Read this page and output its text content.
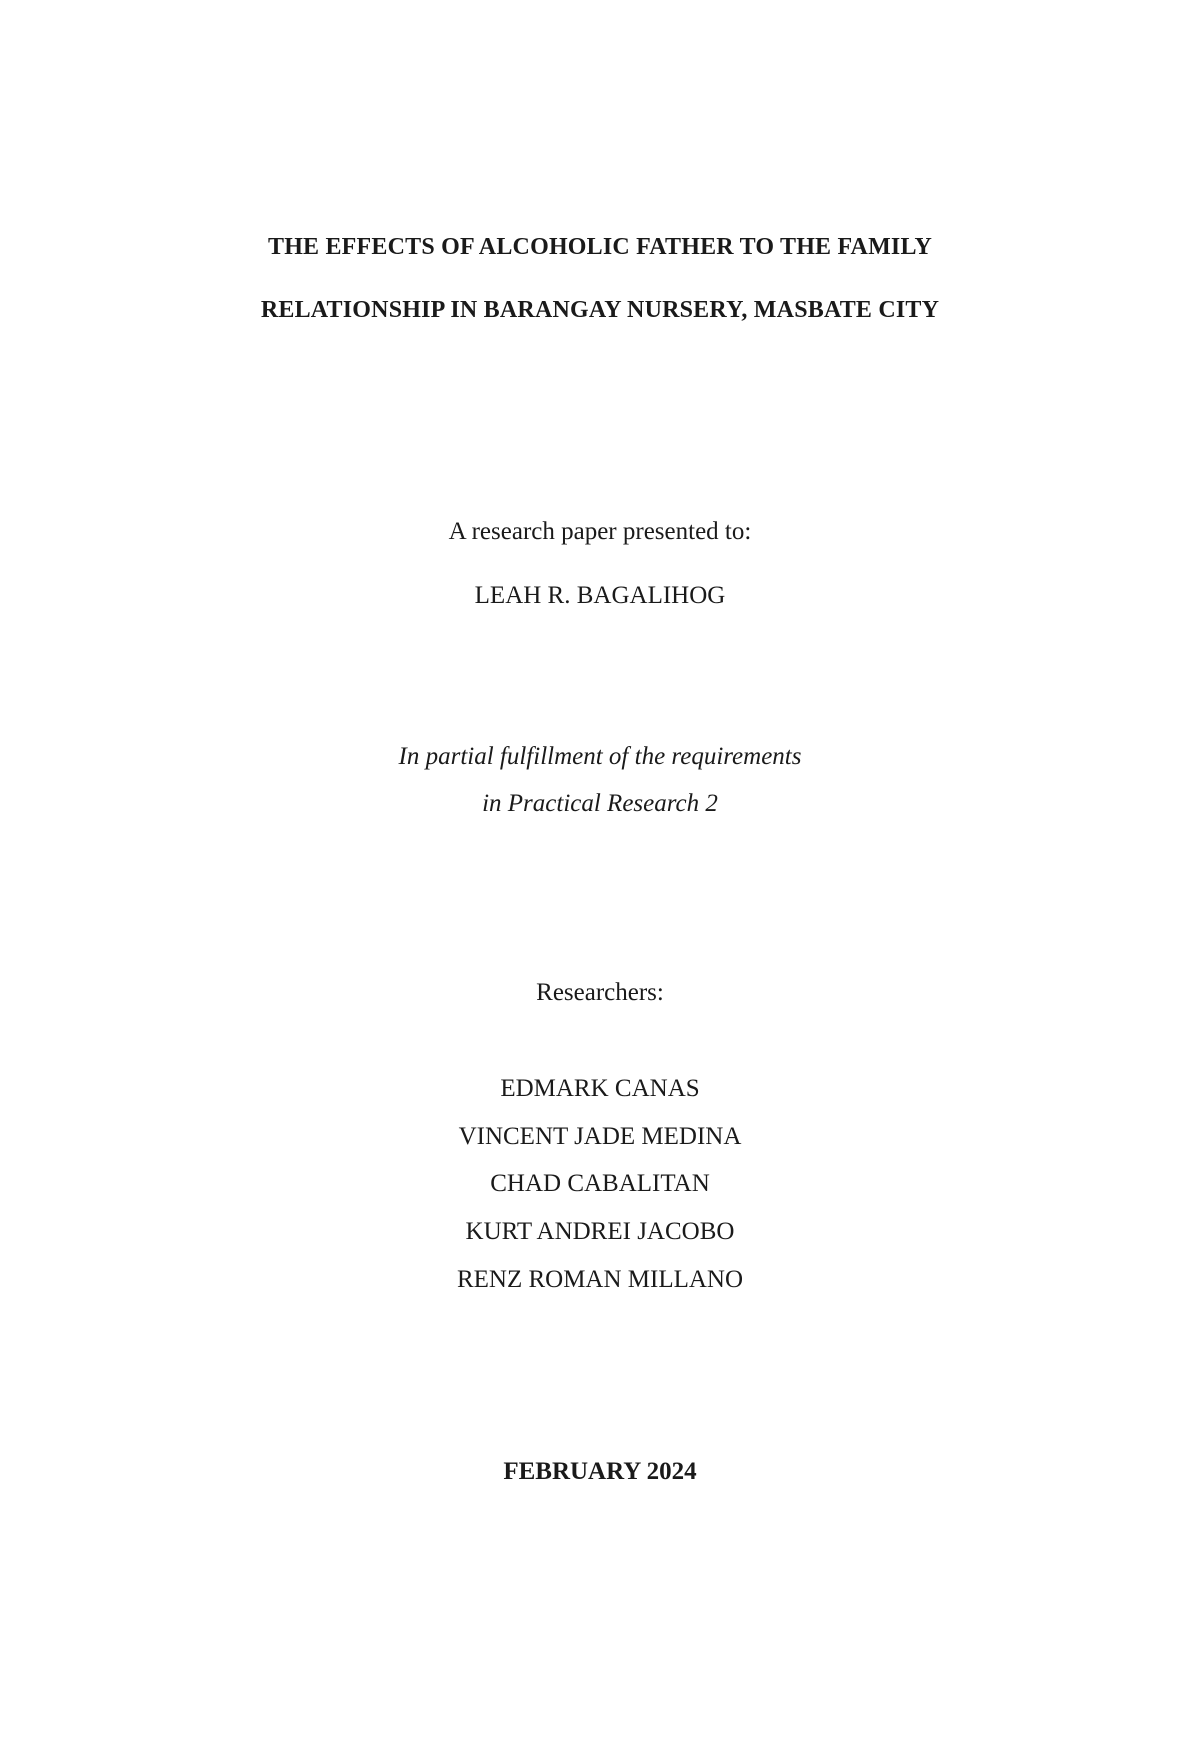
THE EFFECTS OF ALCOHOLIC FATHER TO THE FAMILY
RELATIONSHIP IN BARANGAY NURSERY, MASBATE CITY
A research paper presented to:
LEAH R. BAGALIHOG
In partial fulfillment of the requirements
in Practical Research 2
Researchers:
EDMARK CANAS
VINCENT JADE MEDINA
CHAD CABALITAN
KURT ANDREI JACOBO
RENZ ROMAN MILLANO
FEBRUARY 2024
